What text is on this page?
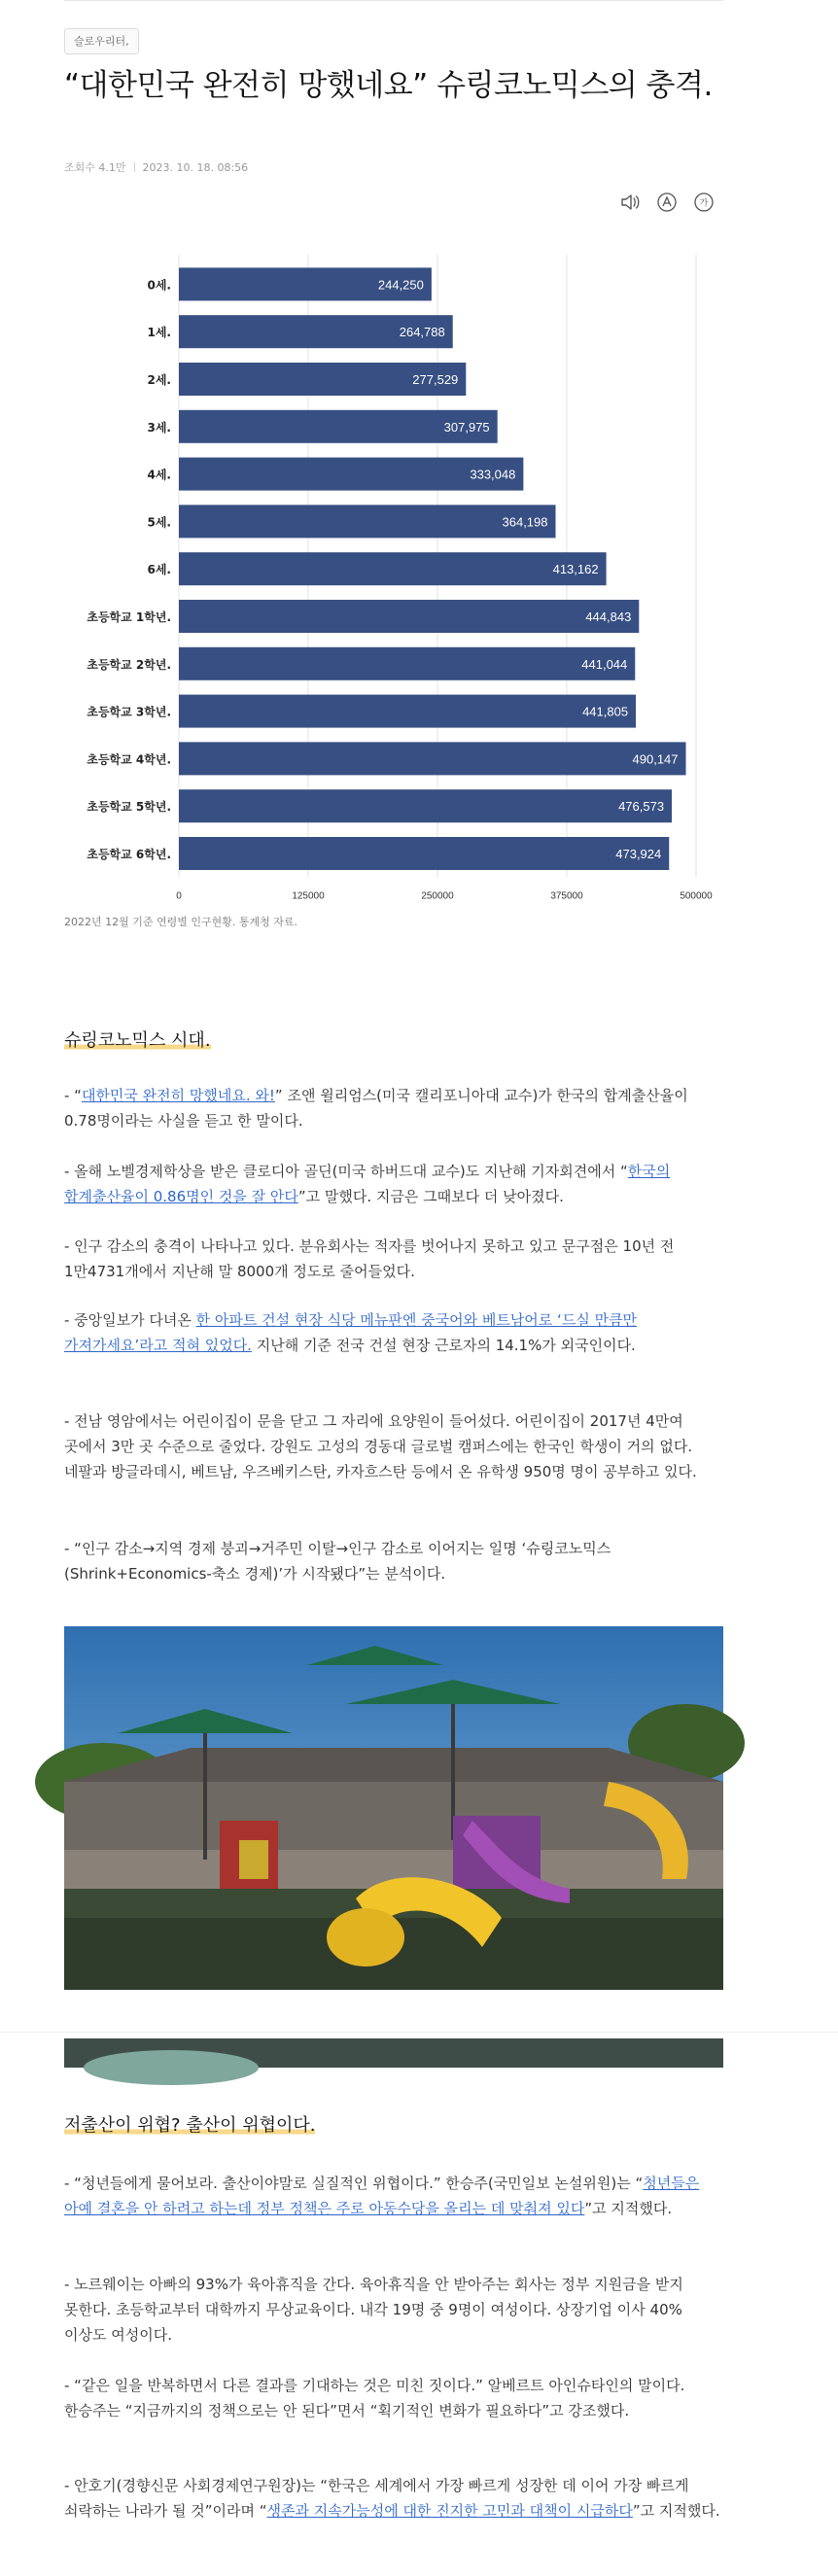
슬로우리터,
“대한민국 완전히 망했네요” 슈링코노믹스의 충격.
조회수 4.1만 2023. 10. 18. 08:56
가
0	125000	250000	375000	500000
244,250
0세.
264,788
1세.
277,529
2세.
307,975
3세.
333,048
4세.
364,198
5세.
413,162
6세.
444,843
초등학교 1학년.
441,044
초등학교 2학년.
441,805
초등학교 3학년.
490,147
초등학교 4학년.
476,573
초등학교 5학년.
473,924
초등학교 6학년.
2022년 12월 기준 연령별 인구현황. 통계청 자료.
슈링코노믹스 시대.

- “대한민국 완전히 망했네요. 와!” 조앤 윌리엄스(미국 캘리포니아대 교수)가 한국의 합계출산율이 0.78명이라는 사실을 듣고 한 말이다.

- 올해 노벨경제학상을 받은 클로디아 골딘(미국 하버드대 교수)도 지난해 기자회견에서 “한국의 합계출산율이 0.86명인 것을 잘 안다”고 말했다. 지금은 그때보다 더 낮아졌다.

- 인구 감소의 충격이 나타나고 있다. 분유회사는 적자를 벗어나지 못하고 있고 문구점은 10년 전 1만4731개에서 지난해 말 8000개 정도로 줄어들었다.

- 중앙일보가 다녀온 한 아파트 건설 현장 식당 메뉴판엔 중국어와 베트남어로 ‘드실 만큼만 가져가세요’라고 적혀 있었다. 지난해 기준 전국 건설 현장 근로자의 14.1%가 외국인이다.

- 전남 영암에서는 어린이집이 문을 닫고 그 자리에 요양원이 들어섰다. 어린이집이 2017년 4만여 곳에서 3만 곳 수준으로 줄었다. 강원도 고성의 경동대 글로벌 캠퍼스에는 한국인 학생이 거의 없다. 네팔과 방글라데시, 베트남, 우즈베키스탄, 카자흐스탄 등에서 온 유학생 950명 명이 공부하고 있다.

- “인구 감소→지역 경제 붕괴→거주민 이탈→인구 감소로 이어지는 일명 ‘슈링코노믹스(Shrink+Economics-축소 경제)’가 시작됐다”는 분석이다.

저출산이 위협? 출산이 위협이다.

- “청년들에게 물어보라. 출산이야말로 실질적인 위협이다.” 한승주(국민일보 논설위원)는 “청년들은 아예 결혼을 안 하려고 하는데 정부 정책은 주로 아동수당을 올리는 데 맞춰져 있다”고 지적했다.

- 노르웨이는 아빠의 93%가 육아휴직을 간다. 육아휴직을 안 받아주는 회사는 정부 지원금을 받지 못한다. 초등학교부터 대학까지 무상교육이다. 내각 19명 중 9명이 여성이다. 상장기업 이사 40% 이상도 여성이다.

- “같은 일을 반복하면서 다른 결과를 기대하는 것은 미친 짓이다.” 알베르트 아인슈타인의 말이다. 한승주는 “지금까지의 정책으로는 안 된다”면서 “획기적인 변화가 필요하다”고 강조했다.

- 안호기(경향신문 사회경제연구원장)는 “한국은 세계에서 가장 빠르게 성장한 데 이어 가장 빠르게 쇠락하는 나라가 될 것”이라며 “생존과 지속가능성에 대한 진지한 고민과 대책이 시급하다”고 지적했다.
